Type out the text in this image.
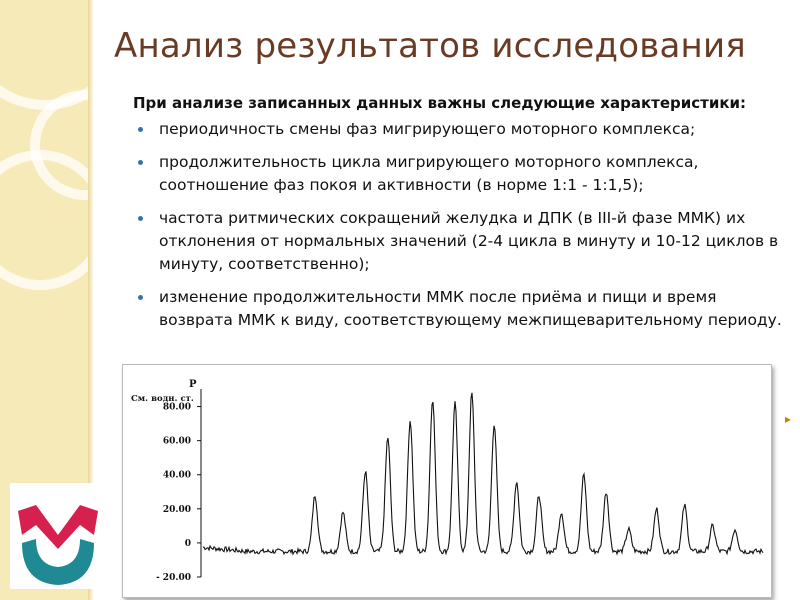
Анализ результатов исследования
При анализе записанных данных важны следующие характеристики:
периодичность смены фаз мигрирующего моторного комплекса;
продолжительность цикла мигрирующего моторного комплекса, соотношение фаз покоя и активности (в норме 1:1 - 1:1,5);
частота ритмических сокращений желудка и ДПК (в III-й фазе ММК) их отклонения от нормальных значений (2-4 цикла в минуту и 10-12 циклов в минуту, соответственно);
изменение продолжительности ММК после приёма и пищи и время возврата ММК к виду, соответствующему межпищеварительному периоду.
P
См. водн. ст.
80.00
60.00
40.00
20.00
0
- 20.00
▸
